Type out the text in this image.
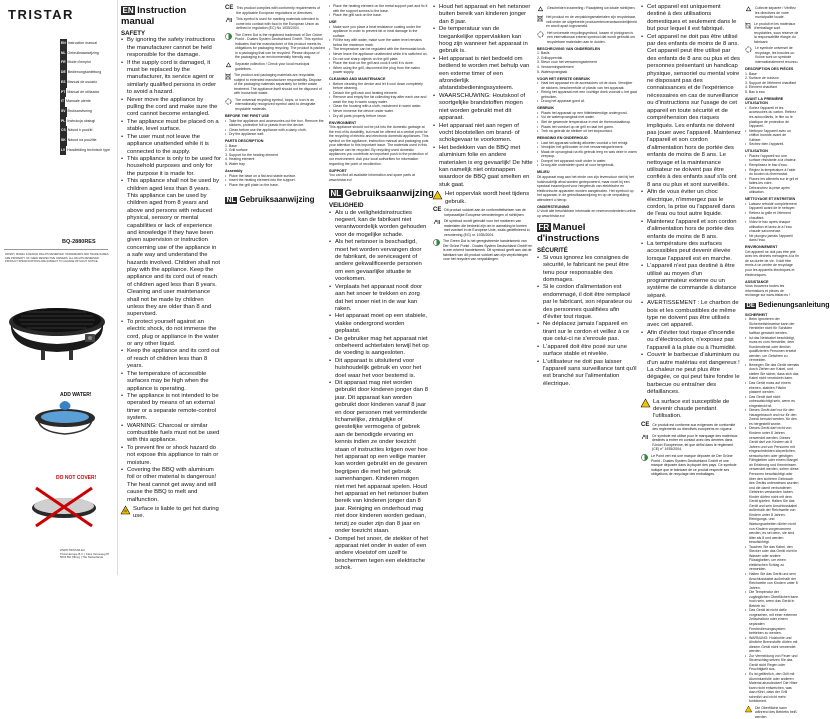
TRISTAR
EN Instruction manual
NL Gebruiksaanwijzing
FR Mode d'emploi
DE Bedienungsanleitung
ES Manual de usuario
PT Manual de utilizador
IT Manuale utente
SV Bruksanvisning
PL Instrukcja obsługi
CS Návod k použití
SK Návod na použitie
LV Handleiding technisch type
BQ-2880RES
PATENT, MODEL & DESIGN RIGHTS RESERVED. TRADEMARKS AND TRADE NAMES ARE PROPERTY OF THEIR RESPECTIVE OWNERS. ALL RIGHTS RESERVED. PRODUCT SPECIFICATIONS ARE SUBJECT TO CHANGE WITHOUT NOTICE.
ADD WATER!
DO NOT COVER!
WWW.TRISTAR.EU
Tristar Europe B.V. | Jules Verneweg 87
5015 BH Tilburg | The Netherlands
EN Instruction manual
SAFETY

• By ignoring the safety instructions the manufacturer cannot be held responsible for the damage.

• If the supply cord is damaged, it must be replaced by the manufacturer, its service agent or similarly qualified persons in order to avoid a hazard.

• Never move the appliance by pulling the cord and make sure the cord cannot become entangled.

• The appliance must be placed on a stable, level surface.

• The user must not leave the appliance unattended while it is connected to the supply.

• This appliance is only to be used for household purposes and only for the purpose it is made for.

• This appliance shall not be used by children aged less than 8 years. This appliance can be used by children aged from 8 years and above and persons with reduced physical, sensory or mental capabilities or lack of experience and knowledge if they have been given supervision or instruction concerning use of the appliance in a safe way and understand the hazards involved. Children shall not play with the appliance. Keep the appliance and its cord out of reach of children aged less than 8 years. Cleaning and user maintenance shall not be made by children unless they are older than 8 and supervised.

• To protect yourself against an electric shock, do not immerse the cord, plug or appliance in the water or any other liquid.

• Keep the appliance and its cord out of reach of children less than 8 years.

• The temperature of accessible surfaces may be high when the appliance is operating.

• The appliance is not intended to be operated by means of an external timer or a separate remote-control system.

• WARNING: Charcoal or similar combustible fuels must not be used with this appliance.

• To prevent fire or shock hazard do not expose this appliance to rain or moisture.

• Covering the BBQ with aluminum foil or other material is dangerous! The heat cannot get away and will cause the BBQ to melt and malfunction.

Surface is liable to get hot during use.
CE This product complies with conformity requirements of the applicable European regulations or directives.
This symbol is used for marking materials intended to come into contact with food in the European Union as defined in regulation (EC) No 1935/2004.
The Green Dot is the registered trademark of Der Grüne Punkt - Duales System Deutschland GmbH. This symbol indicates that the manufacturer of this product meets its obligations for packaging recycling. The product is packed in a packaging that can be recycled. Please dispose of the packaging in an environmentally friendly way.
Separate collection / Check your local municipal guidelines.
The product and packaging materials are recyclable, subject to extended manufacturer responsibility. Dispose of the packaging materials separately for better waste treatment. The appliance itself should not be disposed of with household waste.
The universal recycling symbol, loops, or icon is an internationally recognized symbol used to designate recyclable materials.
BEFORE THE FIRST USE

• Take the appliance and accessories out the box. Remove the stickers, protective foil or plastic from the device.

• Clean before use the appliance with a damp cloth.

• Dry the appliance well.

PARTS DESCRIPTION

1. Base

2. Grill surface

3. Support for the heating element

4. Heating element

5. Water tray

Assembly

• Place the base on a flat and stable surface.

• Insert the heating element into the support.

• Place the grill plate on the base.

NL Gebruiksaanwijzing

• Place the heating element on the metal support part and fix it with the support screws to the base.

• Place the grill rack on the base.

USE

• Make sure you place a heat resistance coating under the appliance in order to prevent fat or heat damage to the surface.

• Fill the tray with water, make sure the water level remains below the maximum mark.

• The temperature can be regulated with the thermostat knob.

• Never leave the appliance unattended while it is switched on.

• Do not use sharp objects on the grill plate.

• Place the food on the grill and cook it until it is done.

• When using the grill, disconnect the plug from the mains power supply.

CLEANING AND MAINTENANCE

• Before cleaning the device and let it cool down completely before cleaning.

• Detach the grill rack and heating element.

• Remove and empty the fat collecting tray after each use and wash the tray in warm soapy water.

• Clean the housing with a cloth, moistened in warm water.

• Never immerse the device under water.

• Dry all parts properly before reuse.

ENVIRONMENT

This appliance should not be put into the domestic garbage at the end of its durability, but must be offered at a central point for the recycling of electric and electronic domestic appliances. This symbol on the appliance, instruction manual and packaging puts your attention to this important issue. The materials used in this appliance can be recycled. By recycling used domestic appliances you contribute an important push to the protection of our environment. Ask your local authorities for information regarding the point of recollection.

SUPPORT

You can find all available information and spare parts at www.tristar.eu!

NL Gebruiksaanwijzing
VEILIGHEID

• Als u de veiligheidsinstructies negeert, kan de fabrikant niet verantwoordelijk worden gehouden voor de mogelijke schade.

• Als het netsnoer is beschadigd, moet het worden vervangen door de fabrikant, de serviceagent of andere gekwalificeerde personen om een gevaarlijke situatie te voorkomen.

• Verplaats het apparaat nooit door aan het snoer te trekken en zorg dat het snoer niet in de war kan raken.

• Het apparaat moet op een stabiele, vlakke ondergrond worden geplaatst.

• De gebruiker mag het apparaat niet onbeheerd achterlaten terwijl het op de voeding is aangesloten.

• Dit apparaat is uitsluitend voor huishoudelijk gebruik en voor het doel waar het voor bestemd is.

• Dit apparaat mag niet worden gebruikt door kinderen jonger dan 8 jaar. Dit apparaat kan worden gebruikt door kinderen vanaf 8 jaar en door personen met verminderde lichamelijke, zintuiglijke of geestelijke vermogens of gebrek aan de benodigde ervaring en kennis indien ze onder toezicht staan of instructies krijgen over hoe het apparaat op een veilige manier kan worden gebruikt en de gevaren begrijpen die met het gebruik samenhangen. Kinderen mogen niet met het apparaat spelen. Houd het apparaat en het netsnoer buiten bereik van kinderen jonger dan 8 jaar. Reiniging en onderhoud mag niet door kinderen worden gedaan, tenzij ze ouder zijn dan 8 jaar en onder toezicht staan.

• Dompel het snoer, de stekker of het apparaat niet onder in water of een andere vloeistof om uzelf te beschermen tegen een elektrische schok.

• Houd het apparaat en het netsnoer buiten bereik van kinderen jonger dan 8 jaar.

• De temperatuur van de toegankelijke oppervlakken kan hoog zijn wanneer het apparaat in gebruik is.

• Het apparaat is niet bedoeld om bediend te worden met behulp van een externe timer of een afzonderlijk afstandsbedieningssysteem.

• WAARSCHUWING: Houtskool of soortgelijke brandstoffen mogen niet worden gebruikt met dit apparaat.

• Het apparaat niet aan regen of vocht blootstellen om brand- of schokgevaar te voorkomen.

• Het bedekken van de BBQ met aluminium folie en andere materialen is erg gevaarlijk! De hitte kan namelijk niet ontsnappen waardoor de BBQ gaat smelten en stuk gaat.

Het oppervlak wordt heet tijdens gebruik.
CE Dit product voldoet aan de conformiteitseisen van de toepasselijke Europese verordeningen of richtlijnen.
Dit symbool wordt gebruikt voor het markeren van materialen die bedoeld zijn om in aanraking te komen met voedsel in de Europese Unie, zoals gedefinieerd in verordening (EG) nr. 1935/2004.
The Green Dot is het geregistreerde handelsmerk van Der Grüne Punkt - Duales System Deutschland GmbH en is een erkend handelsmerk. Dit symbool geeft aan dat de fabrikant van dit product voldoet aan zijn verplichtingen voor het recyclen van verpakkingen.
Gescheiden inzameling / Raadpleeg uw lokale richtlijnen.
Het product en de verpakkingsmaterialen zijn recyclebaar, valt onder de uitgebreide producentenverantwoordelijkheid en wordt apart ingezameld.
Het universele recyclingsymbool, lussen of pictogram is een internationaal erkend symbool dat wordt gebruikt om recyclebare materialen aan te duiden.
BESCHRIJVING VAN ONDERDELEN

1. Basis

2. Grilloppervlak

3. Steun voor het verwarmingselement

4. Verwarmingselement

5. Wateropvangbak

VOOR HET EERSTE GEBRUIK

• Haal het apparaat en de accessoires uit de doos. Verwijder de stickers, beschermfolie of plastic van het apparaat.

• Reinig het apparaat met een vochtige doek voordat u het gaat gebruiken.

• Droog het apparaat goed af.

GEBRUIK

• Plaats het apparaat op een hittebestendige ondergrond.

• Vul de wateropvangbak met water.

• Stel de gewenste temperatuur in met de thermostaatknop.

• Plaats het voedsel op de grill en laat het garen.

• Trek na gebruik de stekker uit het stopcontact.

REINIGING EN ONDERHOUD

• Laat het apparaat volledig afkoelen voordat u het reinigt.

• Verwijder het grillrooster en het verwarmingselement.

• Maak de opvangbak na elk gebruik leeg en was deze in warm zeepsop.

• Dompel het apparaat nooit onder in water.

• Droog alle onderdelen goed af voor hergebruik.

MILIEU

Dit apparaat mag aan het einde van zijn levensduur niet bij het huishoudelijk afval worden gedeponeerd, maar moet bij een speciaal inzamelpunt voor hergebruik van elektrische en elektronische apparaten worden aangeboden. Het symbool op het apparaat, in de gebruiksaanwijzing en op de verpakking attendeert u hierop.

ONDERSTEUNING

U vindt alle beschikbare informatie en reserveonderdelen online op www.tristar.eu!

FR Manuel d'instructions
SÉCURITÉ

• Si vous ignorez les consignes de sécurité, le fabricant ne peut être tenu pour responsable des dommages.

• Si le cordon d'alimentation est endommagé, il doit être remplacé par le fabricant, son réparateur ou des personnes qualifiées afin d'éviter tout risque.

• Ne déplacez jamais l'appareil en tirant sur le cordon et veillez à ce que celui-ci ne s'enroule pas.

• L'appareil doit être posé sur une surface stable et nivelée.

• L'utilisateur ne doit pas laisser l'appareil sans surveillance tant qu'il est branché sur l'alimentation électrique.

• Cet appareil est uniquement destiné à des utilisations domestiques et seulement dans le but pour lequel il est fabriqué.

• Cet appareil ne doit pas être utilisé par des enfants de moins de 8 ans. Cet appareil peut être utilisé par des enfants de 8 ans ou plus et des personnes présentant un handicap physique, sensoriel ou mental voire ne disposant pas des connaissances et de l'expérience nécessaires en cas de surveillance ou d'instructions sur l'usage de cet appareil en toute sécurité et de compréhension des risques impliqués. Les enfants ne doivent pas jouer avec l'appareil. Maintenez l'appareil et son cordon d'alimentation hors de portée des enfants de moins de 8 ans. Le nettoyage et la maintenance utilisateur ne doivent pas être confiés à des enfants sauf s'ils ont 8 ans ou plus et sont surveillés.

• Afin de vous éviter un choc électrique, n'immergez pas le cordon, la prise ou l'appareil dans de l'eau ou tout autre liquide.

• Maintenez l'appareil et son cordon d'alimentation hors de portée des enfants de moins de 8 ans.

• La température des surfaces accessibles peut devenir élevée lorsque l'appareil est en marche.

• L'appareil n'est pas destiné à être utilisé au moyen d'un programmateur externe ou un système de commande à distance séparé.

• AVERTISSEMENT : Le charbon de bois et les combustibles de même type ne doivent pas être utilisés avec cet appareil.

• Afin d'éviter tout risque d'incendie ou d'électrocution, n'exposez pas l'appareil à la pluie ou à l'humidité.

• Couvrir le barbecue d'aluminium ou d'un autre matériau est dangereux ! La chaleur ne peut plus être dégagée, ce qui peut faire fondre le barbecue ou entraîner des défaillances.

La surface est susceptible de devenir chaude pendant l'utilisation.
CE Ce produit est conforme aux exigences de conformité des règlements ou directives européens en vigueur.
Ce symbole est utilisé pour le marquage des matériaux destinés à entrer en contact avec des denrées dans l'Union Européenne, tel que défini dans le règlement (CE) n° 1935/2004.
Le Point vert est une marque déposée de Der Grüne Punkt - Duales System Deutschland GmbH et une marque déposée dans la plupart des pays. Ce symbole indique que le fabricant de ce produit respecte ses obligations de recyclage des emballages.
Collecte séparée / Vérifiez les directives de votre municipalité locale.
Le produit et les matériaux d'emballage sont recyclables, sous réserve de la responsabilité élargie du fabricant.
Le symbole universel de recyclage, les boucles ou l'icône sont un symbole internationalement reconnu.
DESCRIPTION DES PIÈCES

1. Base

2. Surface de cuisson

3. Support de l'élément chauffant

4. Élément chauffant

5. Bac à eau

AVANT LA PREMIÈRE UTILISATION

• Sortez l'appareil et les accessoires du carton. Retirez les autocollants, le film ou le plastique de protection de l'appareil.

• Nettoyez l'appareil avec un chiffon humide avant de l'utiliser.

• Séchez bien l'appareil.

UTILISATION

• Placez l'appareil sur une surface résistante à la chaleur.

• Remplissez le bac d'eau.

• Réglez la température à l'aide du bouton du thermostat.

• Placez les aliments sur le gril et faites-les cuire.

• Débranchez la prise après utilisation.

NETTOYAGE ET ENTRETIEN

• Laissez refroidir complètement l'appareil avant de le nettoyer.

• Retirez la grille et l'élément chauffant.

• Videz le bac après chaque utilisation et lavez-le à l'eau chaude savonneuse.

• Ne plongez jamais l'appareil dans l'eau.

ENVIRONNEMENT

Cet appareil ne doit pas être jeté avec les déchets ménagers à la fin de sa durée de vie. Il doit être remis à un centre de recyclage pour les appareils électriques et électroniques.

ASSISTANCE

Vous trouverez toutes les informations et pièces de rechange sur www.tristar.eu !

DE Bedienungsanleitung
SICHERHEIT

• Beim Ignorieren der Sicherheitshinweise kann der Hersteller nicht für Schäden haftbar gemacht werden.

• Ist das Netzkabel beschädigt, muss es vom Hersteller, dem Kundendienst oder ähnlich qualifizierten Personen ersetzt werden, um Gefahren zu vermeiden.

• Bewegen Sie das Gerät niemals durch Ziehen am Kabel, und stellen Sie sicher, dass sich das Kabel nicht verwickeln kann.

• Das Gerät muss auf einem ebenen, stabilen Fläche platziert werden.

• Das Gerät darf nicht unbeaufsichtigt sein, wenn es eingesteckt ist.

• Dieses Gerät darf nur für den Hausgebrauch und nur für den Zweck benutzt werden, für den es hergestellt wurde.

• Dieses Gerät darf nicht von Kindern unter 8 Jahren verwendet werden. Dieses Gerät darf von Kindern ab 8 Jahren und von Personen mit eingeschränkten körperlichen, sensorischen oder geistigen Fähigkeiten oder einem Mangel an Erfahrung und Kenntnissen verwendet werden, sofern diese Personen beaufsichtigt oder über den sicheren Gebrauch des Geräts unterwiesen wurden und die damit verbundenen Gefahren verstanden haben. Kinder dürfen nicht mit dem Gerät spielen. Halten Sie das Gerät und sein Anschlusskabel außerhalb der Reichweite von Kindern unter 8 Jahren. Reinigungs- und Wartungsarbeiten dürfen nicht von Kindern vorgenommen werden, es sei denn, sie sind älter als 8 und werden beaufsichtigt.

• Tauchen Sie das Kabel, den Stecker oder das Gerät nicht in Wasser oder andere Flüssigkeiten, um einen elektrischen Schlag zu vermeiden.

• Halten Sie das Gerät und sein Anschlusskabel außerhalb der Reichweite von Kindern unter 8 Jahren.

• Die Temperatur der zugänglichen Oberflächen kann hoch sein, wenn das Gerät in Betrieb ist.

• Das Gerät ist nicht dafür vorgesehen, mit einer externen Zeitschaltuhr oder einem separaten Fernbedienungssystem betrieben zu werden.

• WARNUNG: Holzkohle und ähnliche Brennstoffe dürfen mit diesem Gerät nicht verwendet werden.

• Zur Vermeidung von Feuer und Stromschlag setzen Sie das Gerät nicht Regen oder Feuchtigkeit aus.

• Es ist gefährlich, den Grill mit Aluminiumfolie oder anderen Material abzudecken! Die Hitze kann nicht entweichen, was dazu führt, dass der Grill schmilzt und nicht mehr funktioniert.

Die Oberfläche kann während des Betriebs heiß werden.
